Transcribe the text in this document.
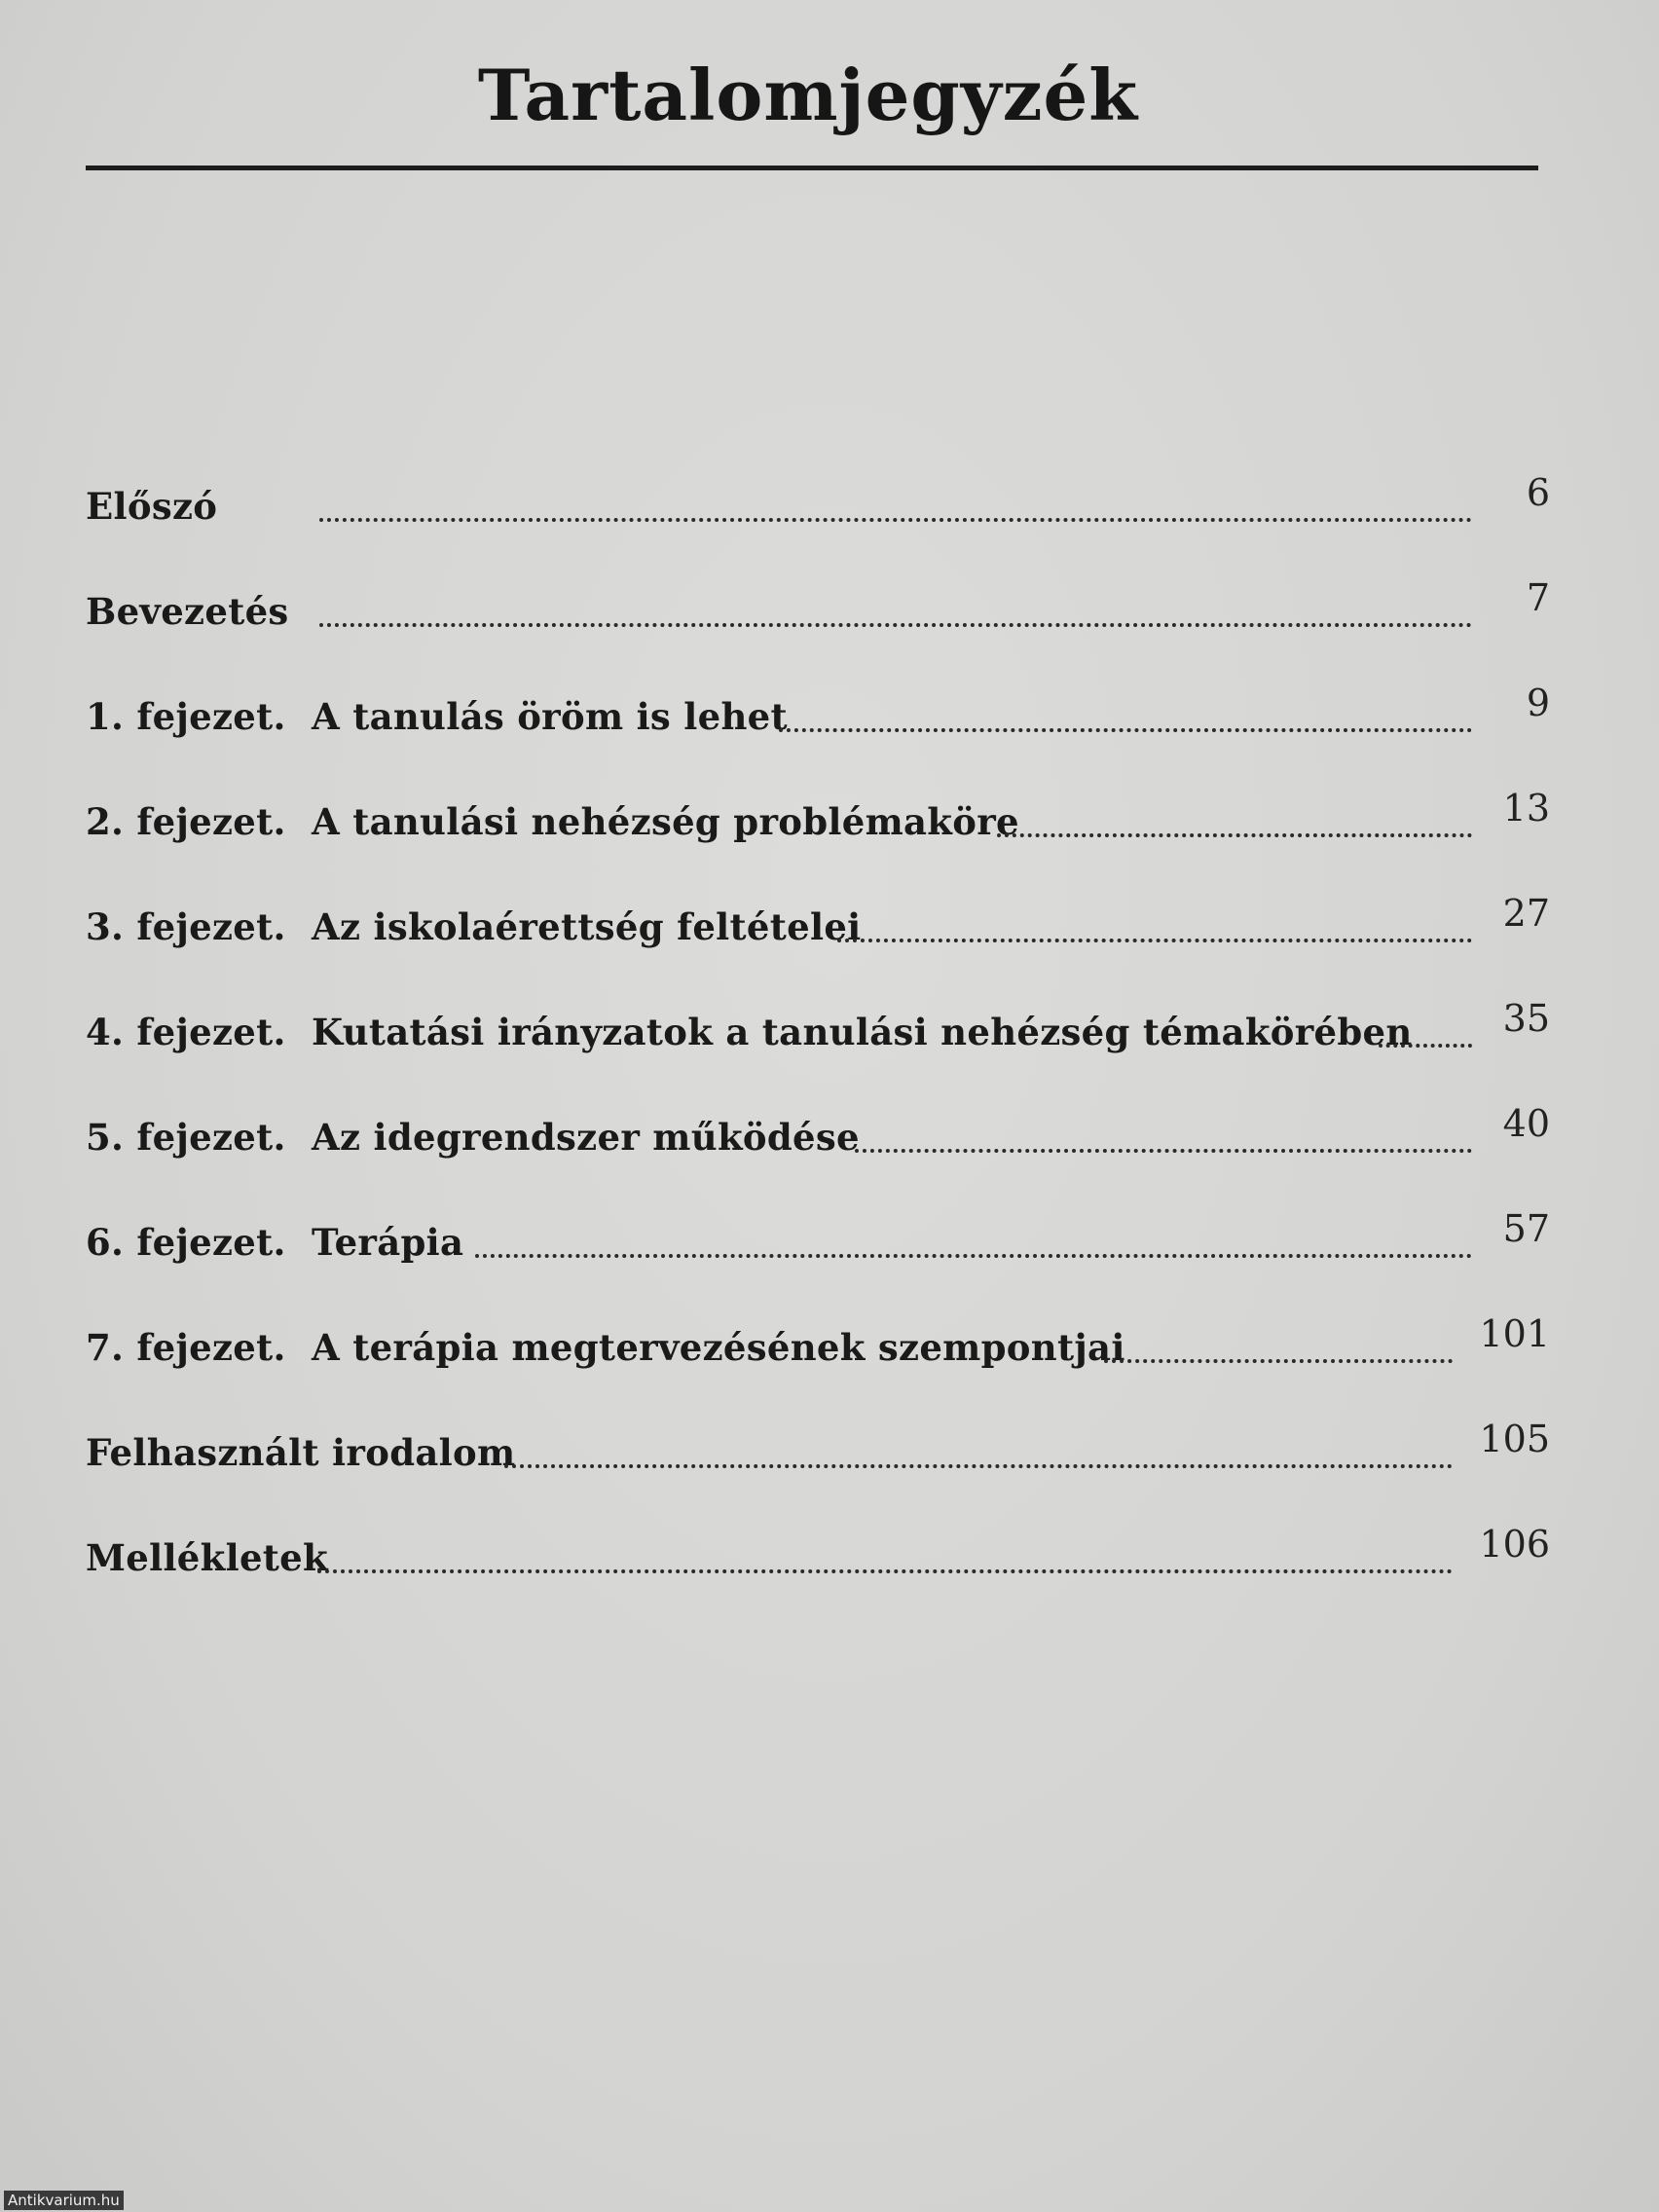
Tartalomjegyzék
Előszó	6
Bevezetés	7
1. fejezet. A tanulás öröm is lehet	9
2. fejezet. A tanulási nehézség problémaköre	13
3. fejezet. Az iskolaérettség feltételei	27
4. fejezet. Kutatási irányzatok a tanulási nehézség témakörében 35
5. fejezet. Az idegrendszer működése	40
6. fejezet. Terápia	57
7. fejezet. A terápia megtervezésének szempontjai	101
Felhasznált irodalom	105
Mellékletek	106
Antikvarium.hu
